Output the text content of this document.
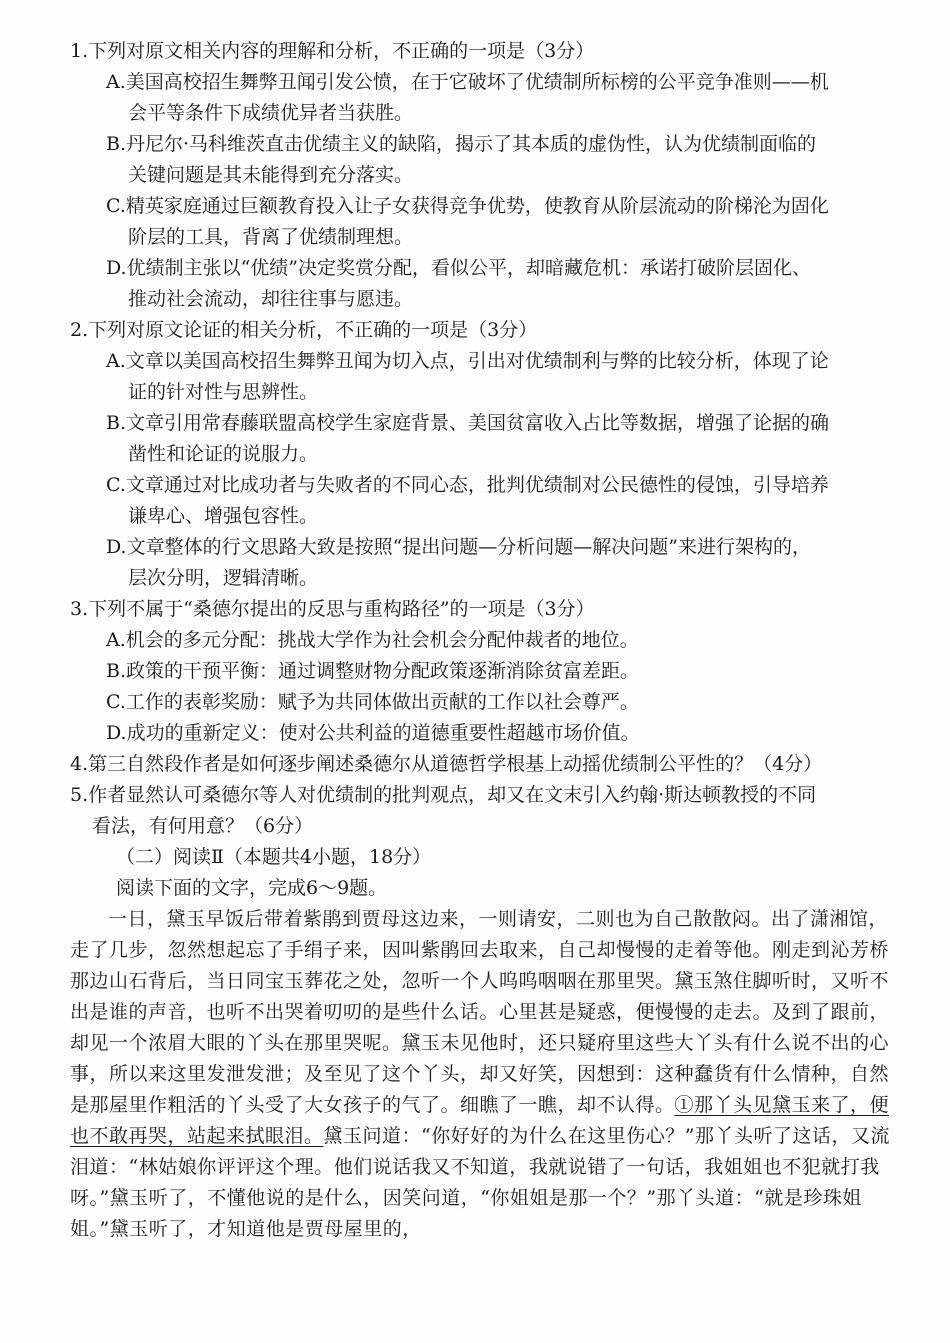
1.下列对原文相关内容的理解和分析，不正确的一项是（3分）

A.美国高校招生舞弊丑闻引发公愤，在于它破坏了优绩制所标榜的公平竞争准则——机
会平等条件下成绩优异者当获胜。

B.丹尼尔·马科维茨直击优绩主义的缺陷，揭示了其本质的虚伪性，认为优绩制面临的
关键问题是其未能得到充分落实。

C.精英家庭通过巨额教育投入让子女获得竞争优势，使教育从阶层流动的阶梯沦为固化
阶层的工具，背离了优绩制理想。

D.优绩制主张以“优绩”决定奖赏分配，看似公平，却暗藏危机：承诺打破阶层固化、
推动社会流动，却往往事与愿违。

2.下列对原文论证的相关分析，不正确的一项是（3分）

A.文章以美国高校招生舞弊丑闻为切入点，引出对优绩制利与弊的比较分析，体现了论
证的针对性与思辨性。

B.文章引用常春藤联盟高校学生家庭背景、美国贫富收入占比等数据，增强了论据的确
凿性和论证的说服力。

C.文章通过对比成功者与失败者的不同心态，批判优绩制对公民德性的侵蚀，引导培养
谦卑心、增强包容性。

D.文章整体的行文思路大致是按照“提出问题—分析问题—解决问题”来进行架构的，
层次分明，逻辑清晰。

3.下列不属于“桑德尔提出的反思与重构路径”的一项是（3分）

A.机会的多元分配：挑战大学作为社会机会分配仲裁者的地位。

B.政策的干预平衡：通过调整财物分配政策逐渐消除贫富差距。

C.工作的表彰奖励：赋予为共同体做出贡献的工作以社会尊严。

D.成功的重新定义：使对公共利益的道德重要性超越市场价值。

4.第三自然段作者是如何逐步阐述桑德尔从道德哲学根基上动摇优绩制公平性的？（4分）

5.作者显然认可桑德尔等人对优绩制的批判观点，却又在文末引入约翰·斯达顿教授的不同
看法，有何用意？（6分）

（二）阅读Ⅱ（本题共4小题，18分）

阅读下面的文字，完成6～9题。

一日，黛玉早饭后带着紫鹃到贾母这边来，一则请安，二则也为自己散散闷。出了潇湘馆，走了几步，忽然想起忘了手绢子来，因叫紫鹃回去取来，自己却慢慢的走着等他。刚走到沁芳桥那边山石背后，当日同宝玉葬花之处，忽听一个人呜呜咽咽在那里哭。黛玉煞住脚听时，又听不出是谁的声音，也听不出哭着叨叨的是些什么话。心里甚是疑惑，便慢慢的走去。及到了跟前，却见一个浓眉大眼的丫头在那里哭呢。黛玉未见他时，还只疑府里这些大丫头有什么说不出的心事，所以来这里发泄发泄；及至见了这个丫头，却又好笑，因想到：这种蠢货有什么情种，自然是那屋里作粗活的丫头受了大女孩子的气了。细瞧了一瞧，却不认得。①那丫头见黛玉来了，便也不敢再哭，站起来拭眼泪。黛玉问道：“你好好的为什么在这里伤心？”那丫头听了这话，又流泪道：“林姑娘你评评这个理。他们说话我又不知道，我就说错了一句话，我姐姐也不犯就打我呀。”黛玉听了，不懂他说的是什么，因笑问道，“你姐姐是那一个？”那丫头道：“就是珍珠姐姐。”黛玉听了，才知道他是贾母屋里的，
